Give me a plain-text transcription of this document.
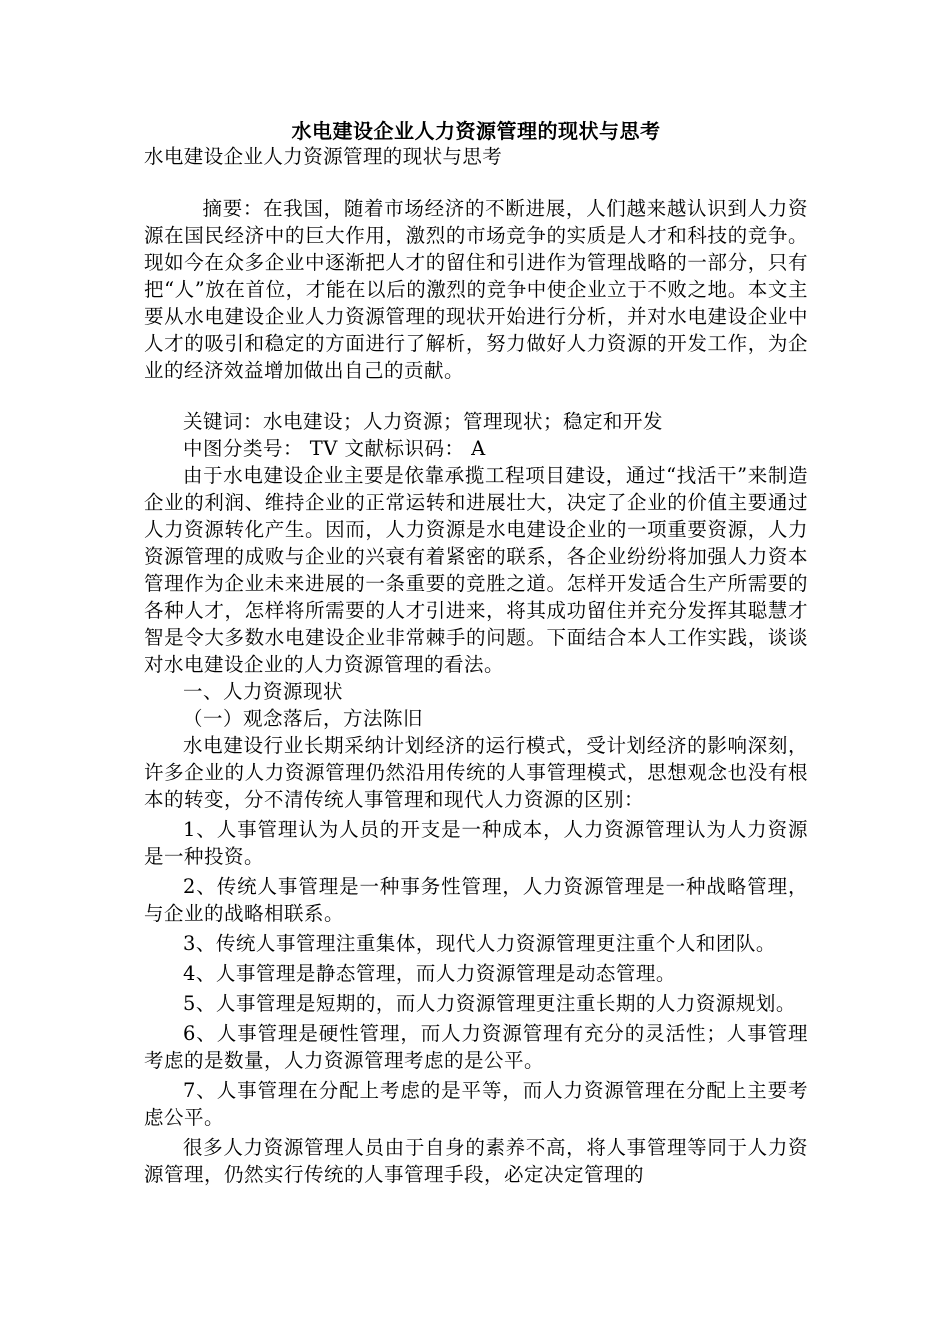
水电建设企业人力资源管理的现状与思考

水电建设企业人力资源管理的现状与思考

摘要：在我国，随着市场经济的不断进展，人们越来越认识到人力资源在国民经济中的巨大作用，激烈的市场竞争的实质是人才和科技的竞争。现如今在众多企业中逐渐把人才的留住和引进作为管理战略的一部分，只有把“人”放在首位，才能在以后的激烈的竞争中使企业立于不败之地。本文主要从水电建设企业人力资源管理的现状开始进行分析，并对水电建设企业中人才的吸引和稳定的方面进行了解析，努力做好人力资源的开发工作，为企业的经济效益增加做出自己的贡献。

关键词：水电建设；人力资源；管理现状；稳定和开发

中图分类号： TV 文献标识码： A

由于水电建设企业主要是依靠承揽工程项目建设，通过“找活干”来制造企业的利润、维持企业的正常运转和进展壮大，决定了企业的价值主要通过人力资源转化产生。因而，人力资源是水电建设企业的一项重要资源，人力资源管理的成败与企业的兴衰有着紧密的联系，各企业纷纷将加强人力资本管理作为企业未来进展的一条重要的竞胜之道。怎样开发适合生产所需要的各种人才，怎样将所需要的人才引进来，将其成功留住并充分发挥其聪慧才智是令大多数水电建设企业非常棘手的问题。下面结合本人工作实践，谈谈对水电建设企业的人力资源管理的看法。

一、人力资源现状

（一）观念落后，方法陈旧

水电建设行业长期采纳计划经济的运行模式，受计划经济的影响深刻，许多企业的人力资源管理仍然沿用传统的人事管理模式，思想观念也没有根本的转变，分不清传统人事管理和现代人力资源的区别：

1、人事管理认为人员的开支是一种成本，人力资源管理认为人力资源是一种投资。

2、传统人事管理是一种事务性管理，人力资源管理是一种战略管理，与企业的战略相联系。

3、传统人事管理注重集体，现代人力资源管理更注重个人和团队。

4、人事管理是静态管理，而人力资源管理是动态管理。

5、人事管理是短期的，而人力资源管理更注重长期的人力资源规划。

6、人事管理是硬性管理，而人力资源管理有充分的灵活性；人事管理考虑的是数量，人力资源管理考虑的是公平。

7、人事管理在分配上考虑的是平等，而人力资源管理在分配上主要考虑公平。

很多人力资源管理人员由于自身的素养不高，将人事管理等同于人力资源管理，仍然实行传统的人事管理手段，必定决定管理的
